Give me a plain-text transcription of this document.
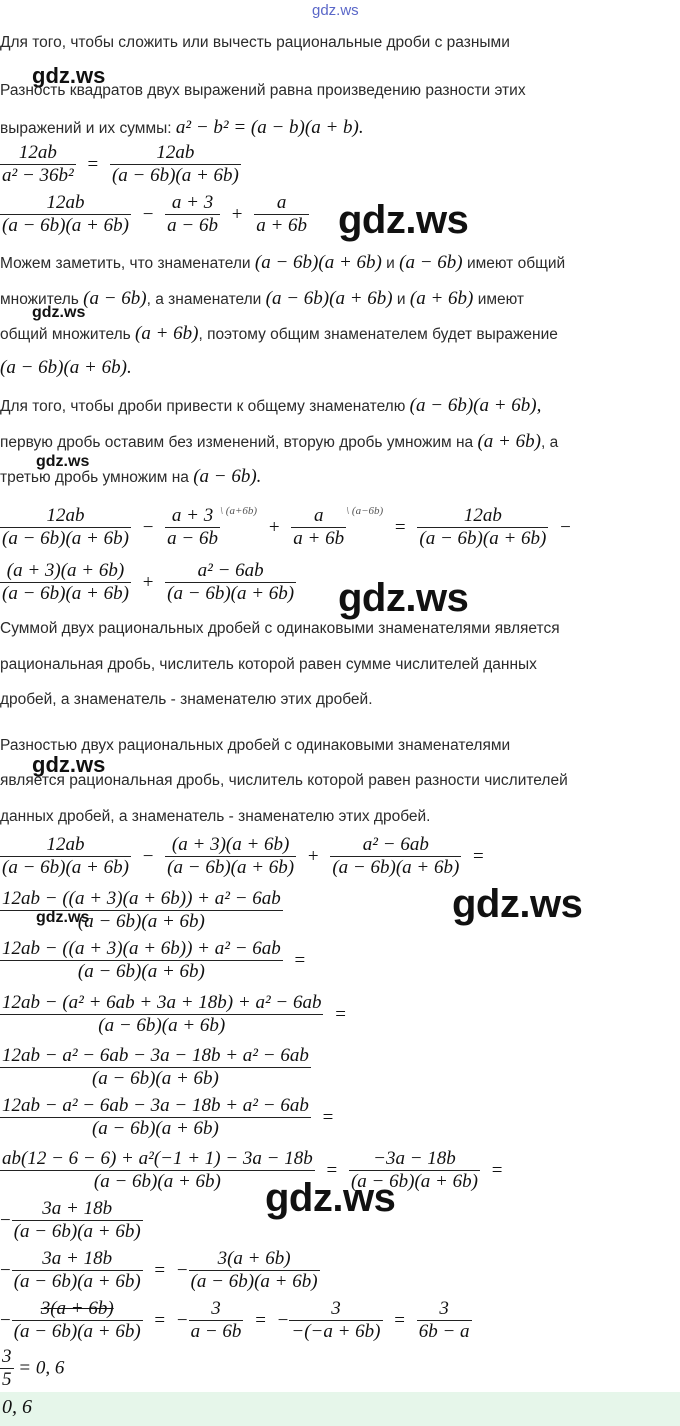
gdz.ws
Для того, чтобы сложить или вычесть рациональные дроби с разными
gdz.ws
Разность квадратов двух выражений равна произведению разности этих
выражений и их суммы: a² − b² = (a − b)(a + b).
$\frac{12ab}{\text{a² − 36b²}} = \frac{12ab}{(a - 6b)(a + 6b)}$
$\frac{12ab}{(a - 6b)(a + 6b)} - \frac{a + 3}{a - 6b} + \frac{a}{a + 6b} gdz.ws$
Можем заметить, что знаменатели (a − 6b)(a + 6b) и (a − 6b) имеют общий
множитель (a − 6b), а знаменатели (a − 6b)(a + 6b) и (a + 6b) имеют
gdz.ws
общий множитель (a + 6b), поэтому общим знаменателем будет выражение
(a − 6b)(a + 6b).
Для того, чтобы дроби привести к общему знаменателю (a − 6b)(a + 6b),
первую дробь оставим без изменений, вторую дробь умножим на (a + 6b), а
gdz.ws
третью дробь умножим на (a − 6b).
$\frac{12ab}{(a - 6b)(a + 6b)} - \frac{a + 3}{a - 6b} ^{\backslash (a+6b)} + \frac{a}{a + 6b} ^{\backslash (a-6b)} = \frac{12ab}{(a - 6b)(a + 6b)}$ −
$\frac{(a + 3)(a + 6b)}{(a - 6b)(a + 6b)} + \frac{\text{a² − 6ab}}{(a - 6b)(a + 6b)} gdz.ws$
Суммой двух рациональных дробей с одинаковыми знаменателями является
рациональная дробь, числитель которой равен сумме числителей данных
дробей, а знаменатель - знаменателю этих дробей.
Разностью двух рациональных дробей с одинаковыми знаменателями
gdz.ws
является рациональная дробь, числитель которой равен разности числителей
данных дробей, а знаменатель - знаменателю этих дробей.
$\frac{12ab}{(a - 6b)(a + 6b)} - \frac{(a + 3)(a + 6b)}{(a - 6b)(a + 6b)} + \frac{\text{a² − 6ab}}{(a - 6b)(a + 6b)}$ =
$\frac{\text{12ab − ((a + 3)(a + 6b)) + a² − 6ab}}{(a - 6b)(a + 6b)}$
gdz.ws	gdz.ws
$\frac{\text{12ab − ((a + 3)(a + 6b)) + a² − 6ab}}{(a - 6b)(a + 6b)}$ =
$\frac{\text{12ab − (a² + 6ab + 3a + 18b) + a² − 6ab}}{(a - 6b)(a + 6b)}$ =
$\frac{\text{12ab − a² − 6ab − 3a − 18b + a² − 6ab}}{(a - 6b)(a + 6b)}$
$\frac{\text{12ab − a² − 6ab − 3a − 18b + a² − 6ab}}{(a - 6b)(a + 6b)}$ =
$\frac{\text{ab(12 − 6 − 6) + a²(−1 + 1) − 3a − 18b}}{(a - 6b)(a + 6b)} = \frac{-3a - 18b}{(a - 6b)(a + 6b)}$ =
gdz.ws
− $\frac{3a + 18b}{(a - 6b)(a + 6b)}$
− $\frac{3a + 18b}{(a - 6b)(a + 6b)}$ = − $\frac{3(a + 6b)}{(a - 6b)(a + 6b)}$
− $\frac{3(a + 6b)}{(a - 6b)(a + 6b)}$ = − $\frac{3}{a - 6b}$ = − $\frac{3}{-(-a + 6b)} = \frac{3}{6b - a}$
$\frac{3}{5} = 0$, 6
0, 6
